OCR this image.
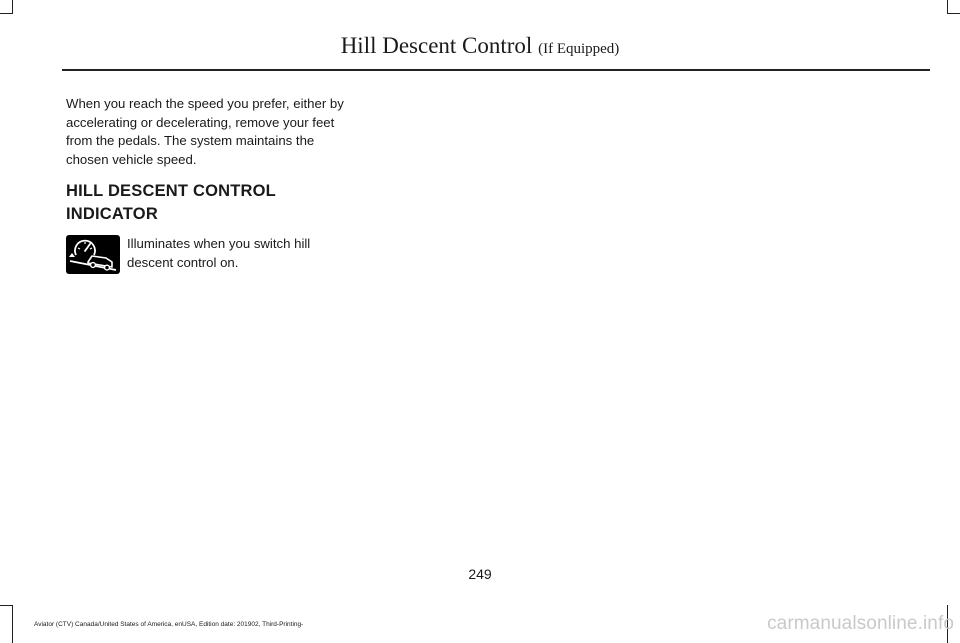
Hill Descent Control (If Equipped)

When you reach the speed you prefer, either by accelerating or decelerating, remove your feet from the pedals. The system maintains the chosen vehicle speed.

HILL DESCENT CONTROL INDICATOR

Illuminates when you switch hill descent control on.

249
Aviator (CTV) Canada/United States of America, enUSA, Edition date: 201902, Third-Printing-	carmanualsonline.info
